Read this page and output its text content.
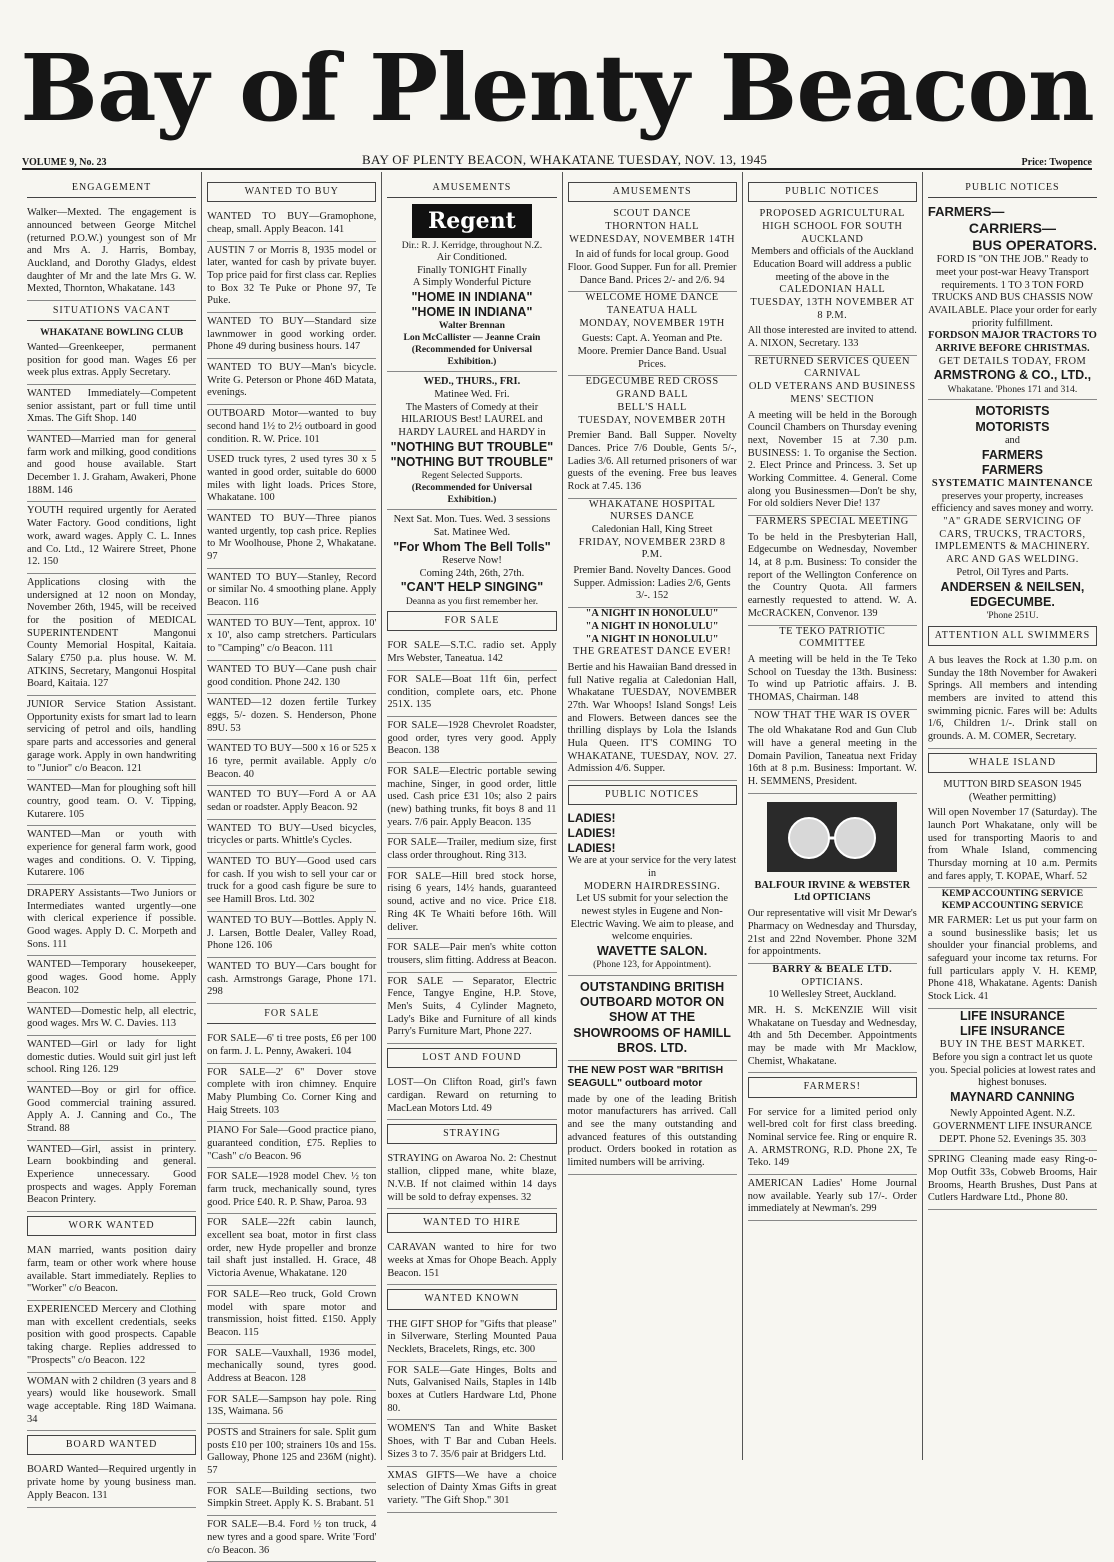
Bay of Plenty Beacon
VOLUME 9, No. 23	BAY OF PLENTY BEACON, WHAKATANE TUESDAY, NOV. 13, 1945	Price: Twopence
ENGAGEMENT
Walker—Mexted. The engagement is announced between George Mitchel (returned P.O.W.) youngest son of Mr and Mrs A. J. Harris, Bombay, Auckland, and Dorothy Gladys, eldest daughter of Mr and the late Mrs G. W. Mexted, Thornton, Whakatane. 143
SITUATIONS VACANT
WHAKATANE BOWLING CLUB
Wanted—Greenkeeper, permanent position for good man. Wages £6 per week plus extras. Apply Secretary.
WANTED Immediately—Competent senior assistant, part or full time until Xmas. The Gift Shop. 140
WANTED—Married man for general farm work and milking, good conditions and good house available. Start December 1. J. Graham, Awakeri, Phone 188M. 146
YOUTH required urgently for Aerated Water Factory. Good conditions, light work, award wages. Apply C. L. Innes and Co. Ltd., 12 Wairere Street, Phone 12. 150
Applications closing with the undersigned at 12 noon on Monday, November 26th, 1945, will be received for the position of MEDICAL SUPERINTENDENT Mangonui County Memorial Hospital, Kaitaia. Salary £750 p.a. plus house. W. M. ATKINS, Secretary, Mangonui Hospital Board, Kaitaia. 127
JUNIOR Service Station Assistant. Opportunity exists for smart lad to learn servicing of petrol and oils, handling spare parts and accessories and general garage work. Apply in own handwriting to "Junior" c/o Beacon. 121
WANTED—Man for ploughing soft hill country, good team. O. V. Tipping, Kutarere. 105
WANTED—Man or youth with experience for general farm work, good wages and conditions. O. V. Tipping, Kutarere. 106
DRAPERY Assistants—Two Juniors or Intermediates wanted urgently—one with clerical experience if possible. Good wages. Apply D. C. Morpeth and Sons. 111
WANTED—Temporary housekeeper, good wages. Good home. Apply Beacon. 102
WANTED—Domestic help, all electric, good wages. Mrs W. C. Davies. 113
WANTED—Girl or lady for light domestic duties. Would suit girl just left school. Ring 126. 129
WANTED—Boy or girl for office. Good commercial training assured. Apply A. J. Canning and Co., The Strand. 88
WANTED—Girl, assist in printery. Learn bookbinding and general. Experience unnecessary. Good prospects and wages. Apply Foreman Beacon Printery.
WORK WANTED
MAN married, wants position dairy farm, team or other work where house available. Start immediately. Replies to "Worker" c/o Beacon.
EXPERIENCED Mercery and Clothing man with excellent credentials, seeks position with good prospects. Capable taking charge. Replies addressed to "Prospects" c/o Beacon. 122
WOMAN with 2 children (3 years and 8 years) would like housework. Small wage acceptable. Ring 18D Waimana. 34
BOARD WANTED
BOARD Wanted—Required urgently in private home by young business man. Apply Beacon. 131
WANTED TO BUY
WANTED TO BUY—Gramophone, cheap, small. Apply Beacon. 141
AUSTIN 7 or Morris 8, 1935 model or later, wanted for cash by private buyer. Top price paid for first class car. Replies to Box 32 Te Puke or Phone 97, Te Puke.
WANTED TO BUY—Standard size lawnmower in good working order. Phone 49 during business hours. 147
WANTED TO BUY—Man's bicycle. Write G. Peterson or Phone 46D Matata, evenings.
OUTBOARD Motor—wanted to buy second hand 1½ to 2½ outboard in good condition. R. W. Price. 101
USED truck tyres, 2 used tyres 30 x 5 wanted in good order, suitable do 6000 miles with light loads. Prices Store, Whakatane. 100
WANTED TO BUY—Three pianos wanted urgently, top cash price. Replies to Mr Woolhouse, Phone 2, Whakatane. 97
WANTED TO BUY—Stanley, Record or similar No. 4 smoothing plane. Apply Beacon. 116
WANTED TO BUY—Tent, approx. 10' x 10', also camp stretchers. Particulars to "Camping" c/o Beacon. 111
WANTED TO BUY—Cane push chair good condition. Phone 242. 130
WANTED—12 dozen fertile Turkey eggs, 5/- dozen. S. Henderson, Phone 89U. 53
WANTED TO BUY—500 x 16 or 525 x 16 tyre, permit available. Apply c/o Beacon. 40
WANTED TO BUY—Ford A or AA sedan or roadster. Apply Beacon. 92
WANTED TO BUY—Used bicycles, tricycles or parts. Whittle's Cycles.
WANTED TO BUY—Good used cars for cash. If you wish to sell your car or truck for a good cash figure be sure to see Hamill Bros. Ltd. 302
WANTED TO BUY—Bottles. Apply N. J. Larsen, Bottle Dealer, Valley Road, Phone 126. 106
WANTED TO BUY—Cars bought for cash. Armstrongs Garage, Phone 171. 298
FOR SALE
FOR SALE—6' ti tree posts, £6 per 100 on farm. J. L. Penny, Awakeri. 104
FOR SALE—2' 6" Dover stove complete with iron chimney. Enquire Maby Plumbing Co. Corner King and Haig Streets. 103
PIANO For Sale—Good practice piano, guaranteed condition, £75. Replies to "Cash" c/o Beacon. 96
FOR SALE—1928 model Chev. ½ ton farm truck, mechanically sound, tyres good. Price £40. R. P. Shaw, Paroa. 93
FOR SALE—22ft cabin launch, excellent sea boat, motor in first class order, new Hyde propeller and bronze tail shaft just installed. H. Grace, 48 Victoria Avenue, Whakatane. 120
FOR SALE—Reo truck, Gold Crown model with spare motor and transmission, hoist fitted. £150. Apply Beacon. 115
FOR SALE—Vauxhall, 1936 model, mechanically sound, tyres good. Address at Beacon. 128
FOR SALE—Sampson hay pole. Ring 13S, Waimana. 56
POSTS and Strainers for sale. Split gum posts £10 per 100; strainers 10s and 15s. Galloway, Phone 125 and 236M (night). 57
FOR SALE—Building sections, two Simpkin Street. Apply K. S. Brabant. 51
FOR SALE—B.4. Ford ½ ton truck, 4 new tyres and a good spare. Write 'Ford' c/o Beacon. 36
AMUSEMENTS
Regent
Dir.: R. J. Kerridge, throughout N.Z.
Air Conditioned.
Finally TONIGHT Finally
A Simply Wonderful Picture
"HOME IN INDIANA"
"HOME IN INDIANA"
Walter Brennan
Lon McCallister — Jeanne Crain
(Recommended for Universal Exhibition.)
WED., THURS., FRI.
Matinee Wed. Fri.
The Masters of Comedy at their HILARIOUS Best! LAUREL and HARDY LAUREL and HARDY in
"NOTHING BUT TROUBLE"
"NOTHING BUT TROUBLE"
Regent Selected Supports.
(Recommended for Universal Exhibition.)
Next Sat. Mon. Tues. Wed. 3 sessions Sat. Matinee Wed.
"For Whom The Bell Tolls"
Reserve Now!
Coming 24th, 26th, 27th.
"CAN'T HELP SINGING"
Deanna as you first remember her.
FOR SALE
FOR SALE—S.T.C. radio set. Apply Mrs Webster, Taneatua. 142
FOR SALE—Boat 11ft 6in, perfect condition, complete oars, etc. Phone 251X. 135
FOR SALE—1928 Chevrolet Roadster, good order, tyres very good. Apply Beacon. 138
FOR SALE—Electric portable sewing machine, Singer, in good order, little used. Cash price £31 10s; also 2 pairs (new) bathing trunks, fit boys 8 and 11 years. 7/6 pair. Apply Beacon. 135
FOR SALE—Trailer, medium size, first class order throughout. Ring 313.
FOR SALE—Hill bred stock horse, rising 6 years, 14½ hands, guaranteed sound, active and no vice. Price £18. Ring 4K Te Whaiti before 16th. Will deliver.
FOR SALE—Pair men's white cotton trousers, slim fitting. Address at Beacon.
FOR SALE — Separator, Electric Fence, Tangye Engine, H.P. Stove, Men's Suits, 4 Cylinder Magneto, Lady's Bike and Furniture of all kinds Parry's Furniture Mart, Phone 227.
LOST AND FOUND
LOST—On Clifton Road, girl's fawn cardigan. Reward on returning to MacLean Motors Ltd. 49
STRAYING
STRAYING on Awaroa No. 2: Chestnut stallion, clipped mane, white blaze, N.V.B. If not claimed within 14 days will be sold to defray expenses. 32
WANTED TO HIRE
CARAVAN wanted to hire for two weeks at Xmas for Ohope Beach. Apply Beacon. 151
WANTED KNOWN
THE GIFT SHOP for "Gifts that please" in Silverware, Sterling Mounted Paua Necklets, Bracelets, Rings, etc. 300
FOR SALE—Gate Hinges, Bolts and Nuts, Galvanised Nails, Staples in 14lb boxes at Cutlers Hardware Ltd, Phone 80.
WOMEN'S Tan and White Basket Shoes, with T Bar and Cuban Heels. Sizes 3 to 7. 35/6 pair at Bridgers Ltd.
XMAS GIFTS—We have a choice selection of Dainty Xmas Gifts in great variety. "The Gift Shop." 301
AMUSEMENTS
SCOUT DANCE
THORNTON HALL
WEDNESDAY, NOVEMBER 14TH
In aid of funds for local group. Good Floor. Good Supper. Fun for all. Premier Dance Band. Prices 2/- and 2/6. 94
WELCOME HOME DANCE
TANEATUA HALL
MONDAY, NOVEMBER 19TH
Guests: Capt. A. Yeoman and Pte. Moore. Premier Dance Band. Usual Prices.
EDGECUMBE RED CROSS GRAND BALL
BELL'S HALL
TUESDAY, NOVEMBER 20TH
Premier Band. Ball Supper. Novelty Dances. Price 7/6 Double, Gents 5/-, Ladies 3/6. All returned prisoners of war guests of the evening. Free bus leaves Rock at 7.45. 136
WHAKATANE HOSPITAL
NURSES DANCE
Caledonian Hall, King Street
FRIDAY, NOVEMBER 23RD 8 P.M.
Premier Band. Novelty Dances. Good Supper. Admission: Ladies 2/6, Gents 3/-. 152
"A NIGHT IN HONOLULU"
"A NIGHT IN HONOLULU"
"A NIGHT IN HONOLULU"
THE GREATEST DANCE EVER!
Bertie and his Hawaiian Band dressed in full Native regalia at Caledonian Hall, Whakatane TUESDAY, NOVEMBER 27th. War Whoops! Island Songs! Leis and Flowers. Between dances see the thrilling displays by Lola the Islands Hula Queen. IT'S COMING TO WHAKATANE, TUESDAY, NOV. 27. Admission 4/6. Supper.
PUBLIC NOTICES
LADIES!
LADIES!
LADIES!
We are at your service for the very latest in
MODERN HAIRDRESSING.
Let US submit for your selection the newest styles in Eugene and Non-Electric Waving. We aim to please, and welcome enquiries.
WAVETTE SALON.
(Phone 123, for Appointment).
OUTSTANDING BRITISH OUTBOARD MOTOR ON SHOW AT THE SHOWROOMS OF HAMILL BROS. LTD.
THE NEW POST WAR "BRITISH SEAGULL" outboard motor
made by one of the leading British motor manufacturers has arrived. Call and see the many outstanding and advanced features of this outstanding product. Orders booked in rotation as limited numbers will be arriving.
PUBLIC NOTICES
PROPOSED AGRICULTURAL HIGH SCHOOL FOR SOUTH AUCKLAND
Members and officials of the Auckland Education Board will address a public meeting of the above in the
CALEDONIAN HALL
TUESDAY, 13TH NOVEMBER AT 8 P.M.
All those interested are invited to attend. A. NIXON, Secretary. 133
RETURNED SERVICES QUEEN CARNIVAL
OLD VETERANS AND BUSINESS MENS' SECTION
A meeting will be held in the Borough Council Chambers on Thursday evening next, November 15 at 7.30 p.m. BUSINESS: 1. To organise the Section. 2. Elect Prince and Princess. 3. Set up Working Committee. 4. General. Come along you Businessmen—Don't be shy, For old soldiers Never Die! 137
FARMERS SPECIAL MEETING
To be held in the Presbyterian Hall, Edgecumbe on Wednesday, November 14, at 8 p.m. Business: To consider the report of the Wellington Conference on the Country Quota. All farmers earnestly requested to attend. W. A. McCRACKEN, Convenor. 139
TE TEKO PATRIOTIC COMMITTEE
A meeting will be held in the Te Teko School on Tuesday the 13th. Business: To wind up Patriotic affairs. J. B. THOMAS, Chairman. 148
NOW THAT THE WAR IS OVER
The old Whakatane Rod and Gun Club will have a general meeting in the Domain Pavilion, Taneatua next Friday 16th at 8 p.m. Business: Important. W. H. SEMMENS, President.
BALFOUR IRVINE & WEBSTER Ltd OPTICIANS
Our representative will visit Mr Dewar's Pharmacy on Wednesday and Thursday, 21st and 22nd November. Phone 32M for appointments.
BARRY & BEALE LTD.
OPTICIANS.
10 Wellesley Street, Auckland.
MR. H. S. McKENZIE Will visit Whakatane on Tuesday and Wednesday, 4th and 5th December. Appointments may be made with Mr Macklow, Chemist, Whakatane.
FARMERS!
For service for a limited period only well-bred colt for first class breeding. Nominal service fee. Ring or enquire R. A. ARMSTRONG, R.D. Phone 2X, Te Teko. 149
AMERICAN Ladies' Home Journal now available. Yearly sub 17/-. Order immediately at Newman's. 299
PUBLIC NOTICES
FARMERS—
CARRIERS—
BUS OPERATORS.
FORD IS "ON THE JOB." Ready to meet your post-war Heavy Transport requirements. 1 TO 3 TON FORD TRUCKS AND BUS CHASSIS NOW AVAILABLE. Place your order for early priority fulfillment.
FORDSON MAJOR TRACTORS TO ARRIVE BEFORE CHRISTMAS.
GET DETAILS TODAY, FROM
ARMSTRONG & CO., LTD.,
Whakatane. 'Phones 171 and 314.
MOTORISTS
MOTORISTS
and
FARMERS
FARMERS
SYSTEMATIC MAINTENANCE
preserves your property, increases efficiency and saves money and worry.
"A" GRADE SERVICING OF CARS, TRUCKS, TRACTORS, IMPLEMENTS & MACHINERY. ARC AND GAS WELDING.
Petrol, Oil Tyres and Parts.
ANDERSEN & NEILSEN, EDGECUMBE.
'Phone 251U.
ATTENTION ALL SWIMMERS
A bus leaves the Rock at 1.30 p.m. on Sunday the 18th November for Awakeri Springs. All members and intending members are invited to attend this swimming picnic. Fares will be: Adults 1/6, Children 1/-. Drink stall on grounds. A. M. COMER, Secretary.
WHALE ISLAND
MUTTON BIRD SEASON 1945 (Weather permitting)
Will open November 17 (Saturday). The launch Port Whakatane, only will be used for transporting Maoris to and from Whale Island, commencing Thursday morning at 10 a.m. Permits and fares apply, T. KOPAE, Wharf. 52
KEMP ACCOUNTING SERVICE
KEMP ACCOUNTING SERVICE
MR FARMER: Let us put your farm on a sound businesslike basis; let us shoulder your financial problems, and safeguard your income tax returns. For full particulars apply V. H. KEMP, Phone 418, Whakatane. Agents: Danish Stock Lick. 41
LIFE INSURANCE
LIFE INSURANCE
BUY IN THE BEST MARKET.
Before you sign a contract let us quote you. Special policies at lowest rates and highest bonuses.
MAYNARD CANNING
Newly Appointed Agent. N.Z. GOVERNMENT LIFE INSURANCE DEPT. Phone 52. Evenings 35. 303
SPRING Cleaning made easy Ring-o-Mop Outfit 33s, Cobweb Brooms, Hair Brooms, Hearth Brushes, Dust Pans at Cutlers Hardware Ltd., Phone 80.
